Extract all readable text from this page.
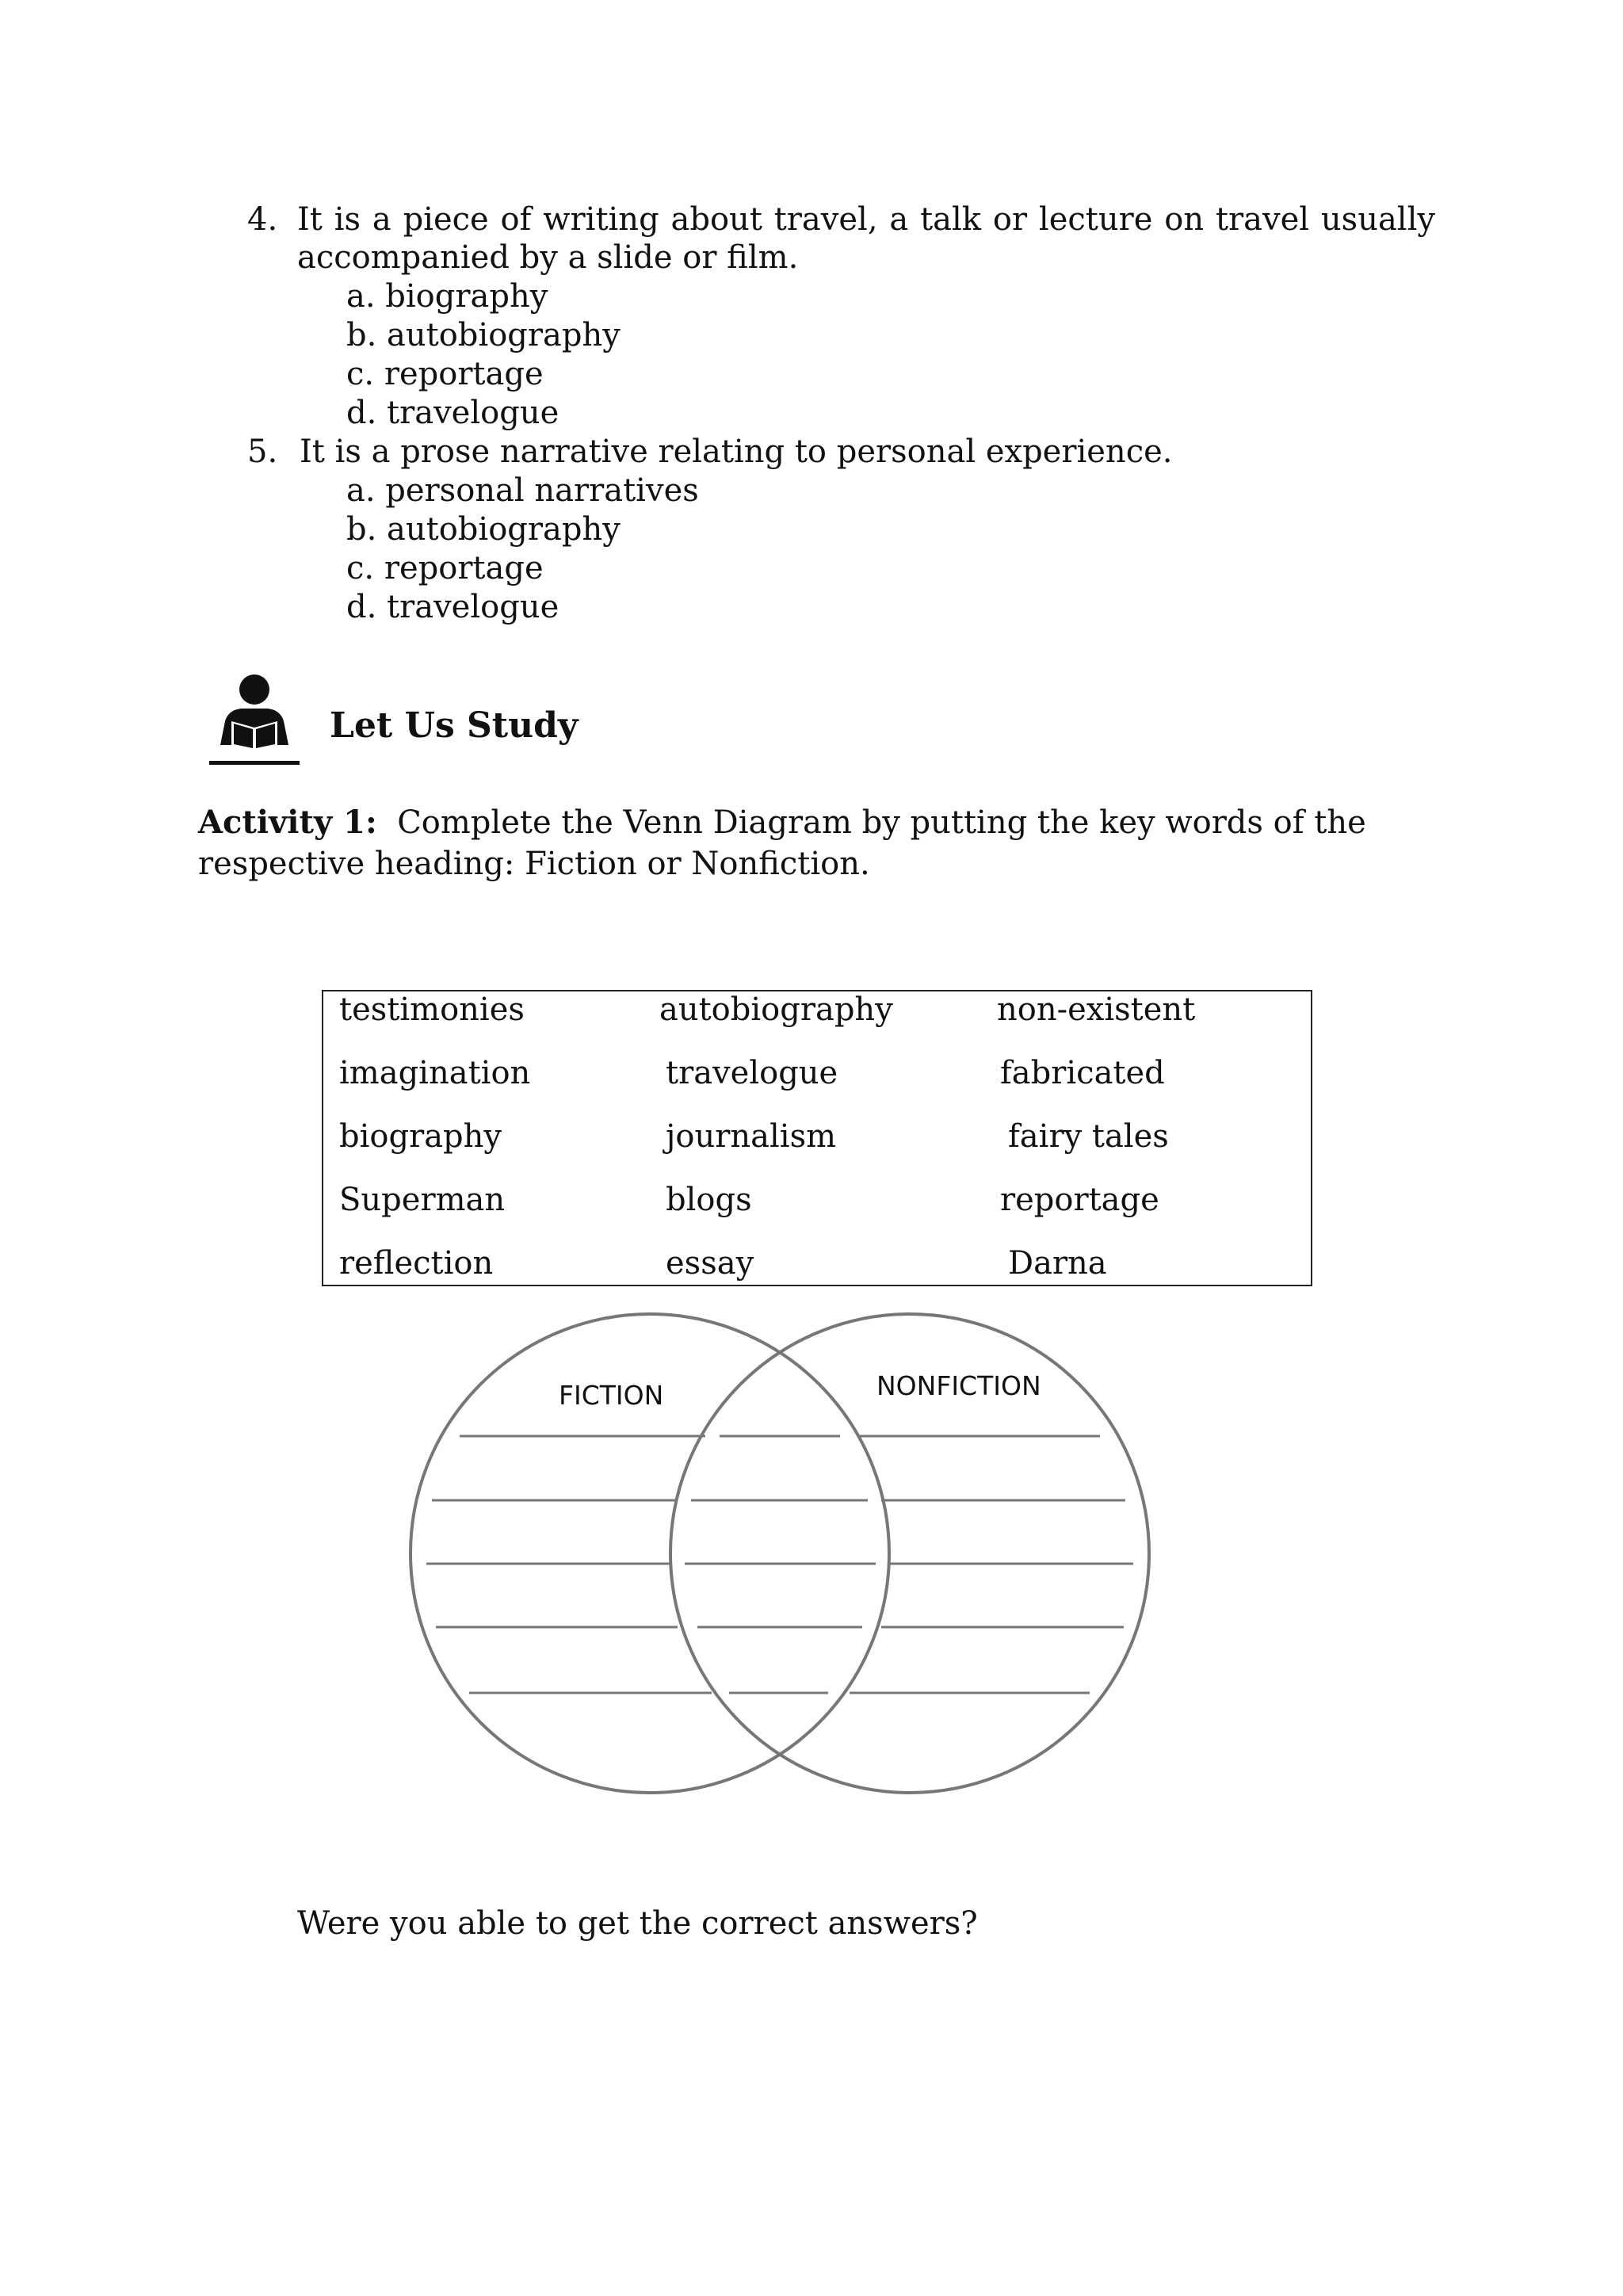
4. It is a piece of writing about travel, a talk or lecture on travel usually
accompanied by a slide or film.
a. biography
b. autobiography
c. reportage
d. travelogue
5. It is a prose narrative relating to personal experience.
a. personal narratives
b. autobiography
c. reportage
d. travelogue
Let Us Study
Activity 1: Complete the Venn Diagram by putting the key words of the
respective heading: Fiction or Nonfiction.
testimonies	autobiography	non-existent
imagination	travelogue	fabricated
biography	journalism	fairy tales
Superman	blogs	reportage
reflection	essay	Darna
FICTION	NONFICTION
Were you able to get the correct answers?
